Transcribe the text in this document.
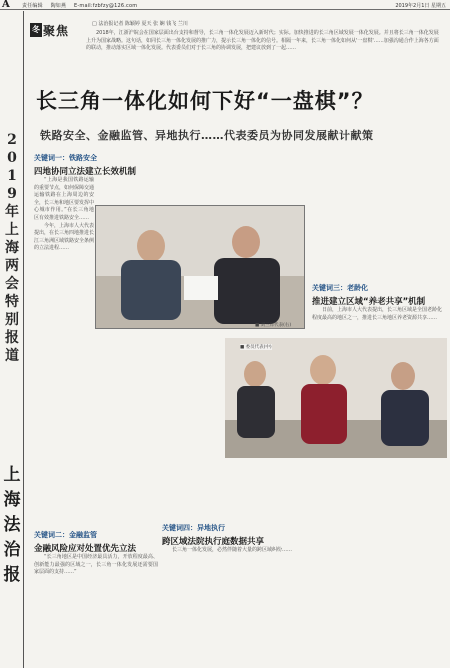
A 责任编辑 陶如燕 E-mail:fzbfzy@126.com	2019年2月1日 星期五
2019年上海两会特别报道
上海法治报
冬 聚焦	□ 法治报记者 陈颖婷 夏天 张 娴 钱飞 兰川

2018年，江浙沪皖会在国家层面出台支持和督导，长三角一体化发展迈入新时代；实际。加快推进的长三角区域发展一体化发展。并且将长三角一体化发展上升为国家战略。这句话，如同长三角一体化发展的推广力，提示长三角一体化的信号。相隔一年来，长三角一体化如何从'一盘棋'……加强沟通合作上海各方面的联动，推动落实区域一体化发展。代表委员们对于长三角的协调发展，把建议放到了一起……

长三角一体化如何下好“一盘棋”？
铁路安全、金融监管、异地执行……代表委员为协同发展献计献策
关键词一：铁路安全
四地协同立法建立长效机制

“上海是我国铁路运输的重要节点，如何保障交通运输铁路在上海周边的安全，长三角和地区要发挥中心城市作用。”在长三角地区有效推进铁路安全……

今年，上海市人大代表提出，在长三角四地推进长江三角洲区域铁路安全条例的立法进程……

■ 刘三岸代表(右)
关键词三：老龄化
推进建立区域“养老共享”机制

日前，上海市人大代表提出，长三角区域是全国老龄化程度最高的地区之一，推进长三角地区养老资源共享……

■ 委员代表(中)
关键词二：金融监管
金融风险应对处置优先立法

“长三角地区是中国经济最具活力，开放程度最高、创新能力最强的区域之一，长三角一体化发展还需要国家层面的支持……”

关键词四：异地执行
跨区域法院执行庭数据共享

长三角一体化发展，必然伴随着大量的跨区域纠纷……
